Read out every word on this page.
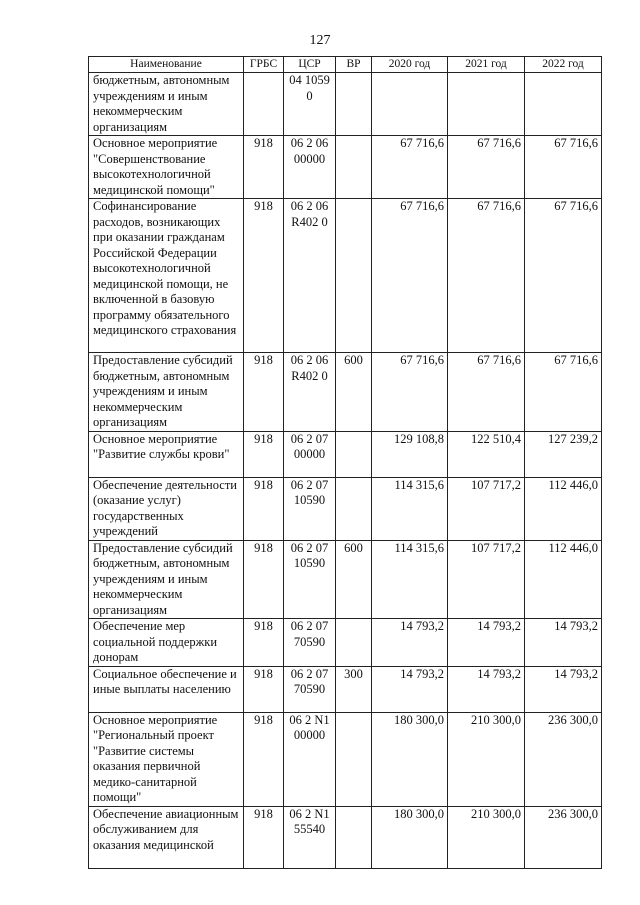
127
Наименование	ГРБС	ЦСР	ВР	2020 год	2021 год	2022 год
бюджетным, автономным учреждениям и иным некоммерческим организациям		04 10590				
Основное мероприятие "Совершенствование высокотехнологичной медицинской помощи"	918	06 2 06 00000		67 716,6	67 716,6	67 716,6
Софинансирование расходов, возникающих при оказании гражданам Российской Федерации высокотехнологичной медицинской помощи, не включенной в базовую программу обязательного медицинского страхования	918	06 2 06 R402 0		67 716,6	67 716,6	67 716,6
Предоставление субсидий бюджетным, автономным учреждениям и иным некоммерческим организациям	918	06 2 06 R402 0	600	67 716,6	67 716,6	67 716,6
Основное мероприятие "Развитие службы крови"	918	06 2 07 00000		129 108,8	122 510,4	127 239,2
Обеспечение деятельности (оказание услуг) государственных учреждений	918	06 2 07 10590		114 315,6	107 717,2	112 446,0
Предоставление субсидий бюджетным, автономным учреждениям и иным некоммерческим организациям	918	06 2 07 10590	600	114 315,6	107 717,2	112 446,0
Обеспечение мер социальной поддержки донорам	918	06 2 07 70590		14 793,2	14 793,2	14 793,2
Социальное обеспечение и иные выплаты населению	918	06 2 07 70590	300	14 793,2	14 793,2	14 793,2
Основное мероприятие "Региональный проект "Развитие системы оказания первичной медико-санитарной помощи"	918	06 2 N1 00000		180 300,0	210 300,0	236 300,0
Обеспечение авиационным обслуживанием для оказания медицинской	918	06 2 N1 55540		180 300,0	210 300,0	236 300,0
